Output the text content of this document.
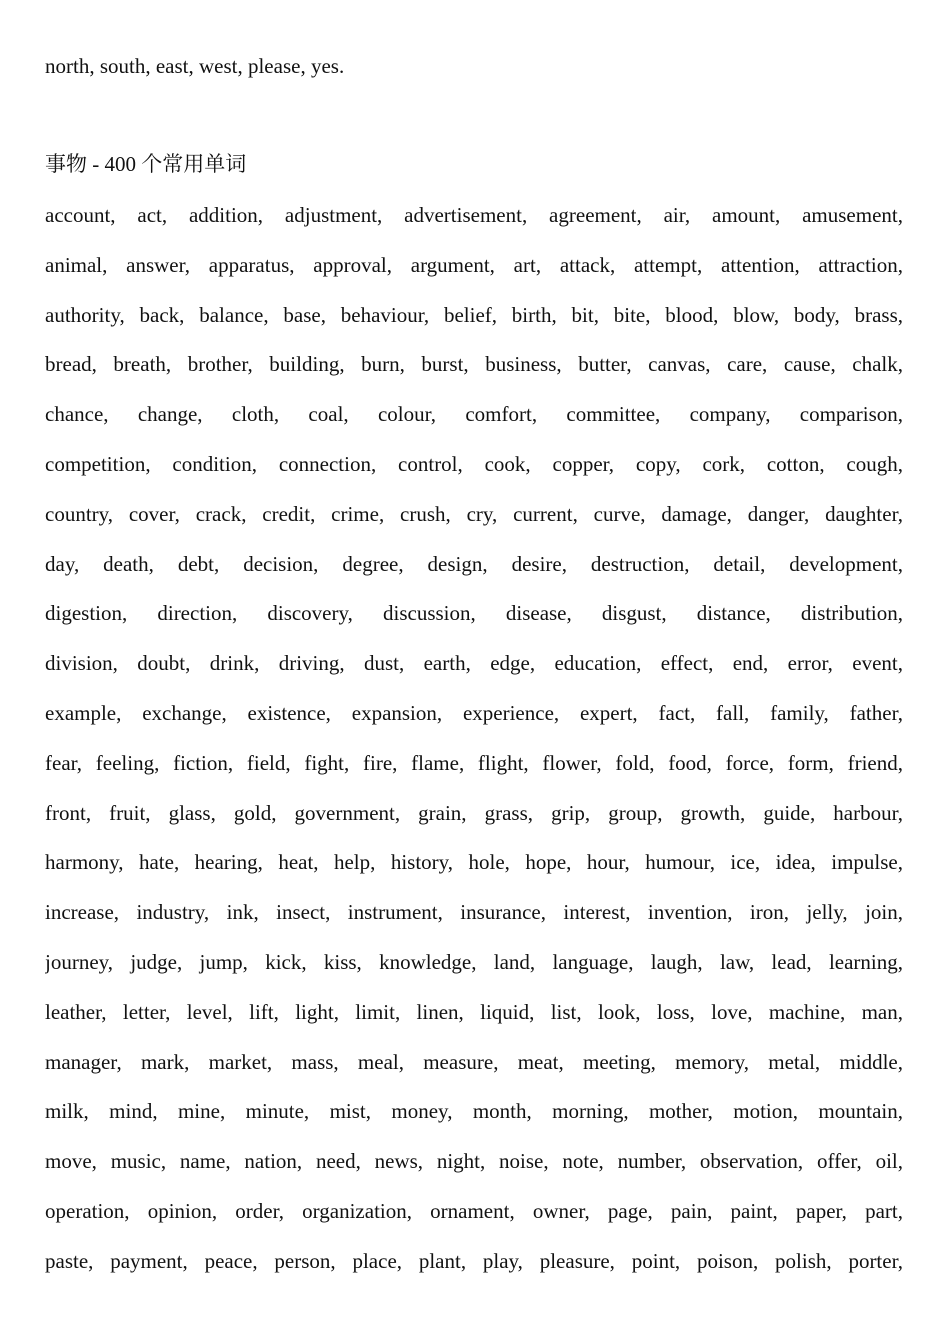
north, south, east, west, please, yes.
事物 - 400 个常用单词
account, act, addition, adjustment, advertisement, agreement, air, amount, amusement,
animal, answer, apparatus, approval, argument, art, attack, attempt, attention, attraction,
authority, back, balance, base, behaviour, belief, birth, bit, bite, blood, blow, body, brass,
bread, breath, brother, building, burn, burst, business, butter, canvas, care, cause, chalk,
chance, change, cloth, coal, colour, comfort, committee, company, comparison,
competition, condition, connection, control, cook, copper, copy, cork, cotton, cough,
country, cover, crack, credit, crime, crush, cry, current, curve, damage, danger, daughter,
day, death, debt, decision, degree, design, desire, destruction, detail, development,
digestion, direction, discovery, discussion, disease, disgust, distance, distribution,
division, doubt, drink, driving, dust, earth, edge, education, effect, end, error, event,
example, exchange, existence, expansion, experience, expert, fact, fall, family, father,
fear, feeling, fiction, field, fight, fire, flame, flight, flower, fold, food, force, form, friend,
front, fruit, glass, gold, government, grain, grass, grip, group, growth, guide, harbour,
harmony, hate, hearing, heat, help, history, hole, hope, hour, humour, ice, idea, impulse,
increase, industry, ink, insect, instrument, insurance, interest, invention, iron, jelly, join,
journey, judge, jump, kick, kiss, knowledge, land, language, laugh, law, lead, learning,
leather, letter, level, lift, light, limit, linen, liquid, list, look, loss, love, machine, man,
manager, mark, market, mass, meal, measure, meat, meeting, memory, metal, middle,
milk, mind, mine, minute, mist, money, month, morning, mother, motion, mountain,
move, music, name, nation, need, news, night, noise, note, number, observation, offer, oil,
operation, opinion, order, organization, ornament, owner, page, pain, paint, paper, part,
paste, payment, peace, person, place, plant, play, pleasure, point, poison, polish, porter,
